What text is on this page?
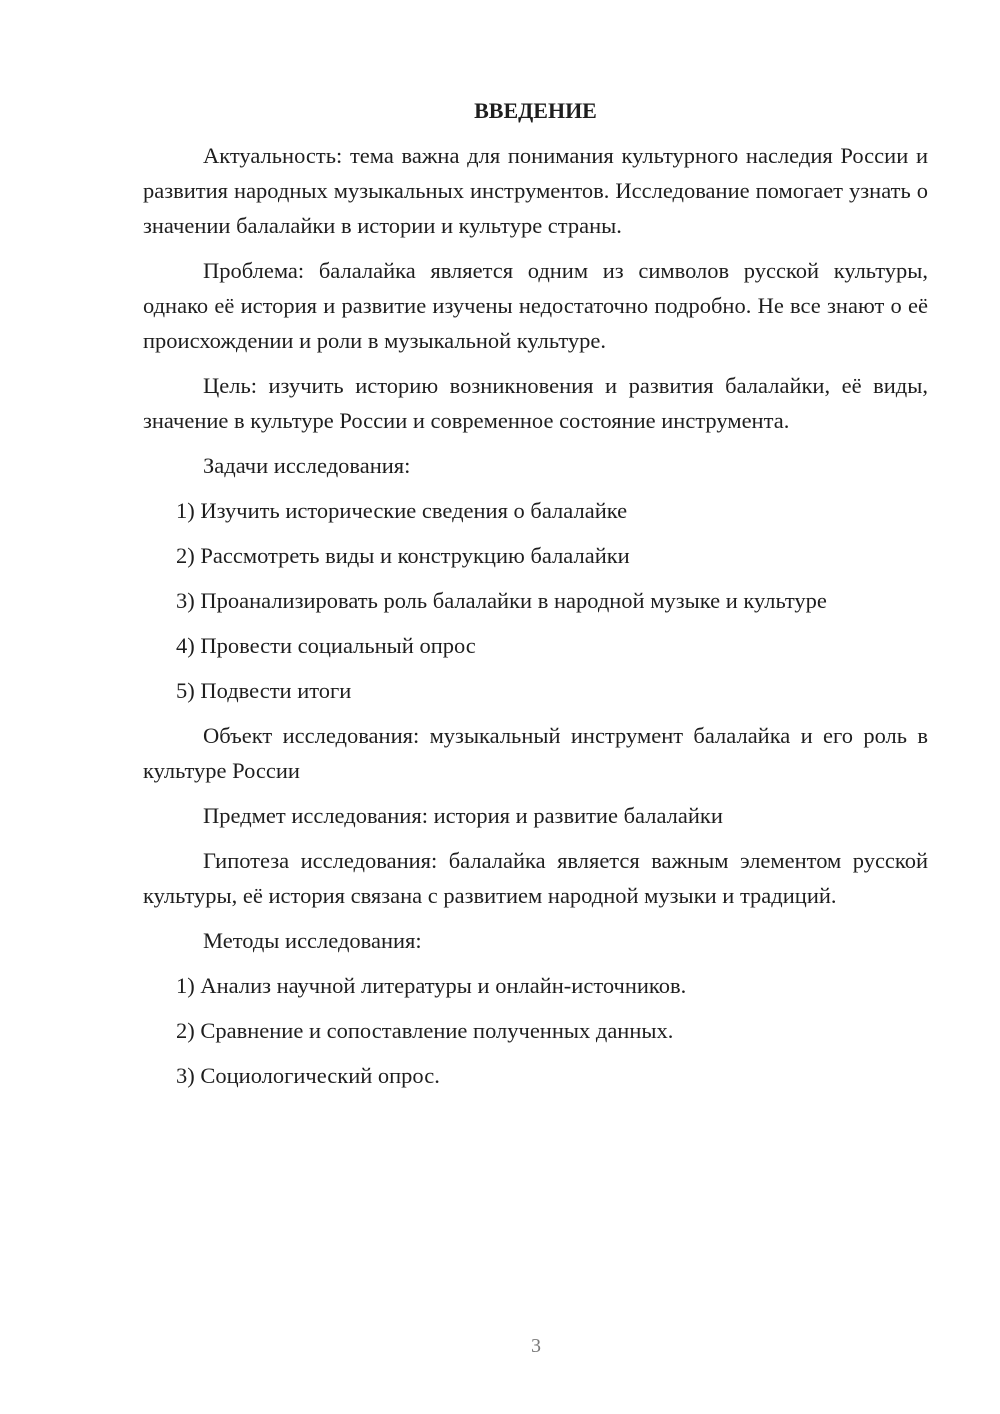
ВВЕДЕНИЕ

Актуальность: тема важна для понимания культурного наследия России и развития народных музыкальных инструментов. Исследование помогает узнать о значении балалайки в истории и культуре страны.

Проблема: балалайка является одним из символов русской культуры, однако её история и развитие изучены недостаточно подробно. Не все знают о её происхождении и роли в музыкальной культуре.

Цель: изучить историю возникновения и развития балалайки, её виды, значение в культуре России и современное состояние инструмента.

Задачи исследования:
1) Изучить исторические сведения о балалайке
2) Рассмотреть виды и конструкцию балалайки
3) Проанализировать роль балалайки в народной музыке и культуре
4) Провести социальный опрос
5) Подвести итоги

Объект исследования: музыкальный инструмент балалайка и его роль в культуре России

Предмет исследования: история и развитие балалайки

Гипотеза исследования: балалайка является важным элементом русской культуры, её история связана с развитием народной музыки и традиций.

Методы исследования:
1) Анализ научной литературы и онлайн-источников.
2) Сравнение и сопоставление полученных данных.
3) Социологический опрос.
3
